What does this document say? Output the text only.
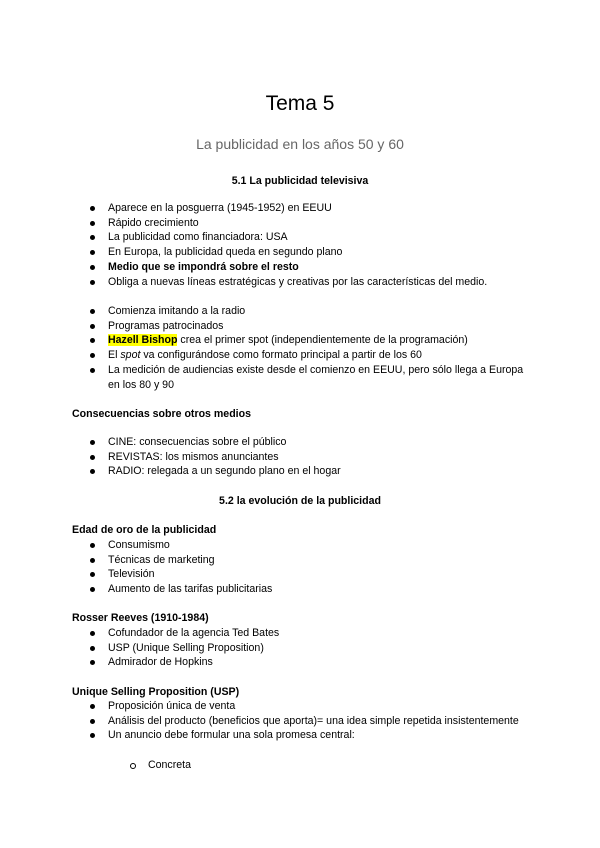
Tema 5
La publicidad en los años 50 y 60
5.1 La publicidad televisiva
Aparece en la posguerra (1945-1952) en EEUU
Rápido crecimiento
La publicidad como financiadora: USA
En Europa, la publicidad queda en segundo plano
Medio que se impondrá sobre el resto
Obliga a nuevas líneas estratégicas y creativas por las características del medio.
Comienza imitando a la radio
Programas patrocinados
Hazell Bishop crea el primer spot (independientemente de la programación)
El spot va configurándose como formato principal a partir de los 60
La medición de audiencias existe desde el comienzo en EEUU, pero sólo llega a Europa en los 80 y 90
Consecuencias sobre otros medios
CINE: consecuencias sobre el público
REVISTAS: los mismos anunciantes
RADIO: relegada a un segundo plano en el hogar
5.2 la evolución de la publicidad
Edad de oro de la publicidad
Consumismo
Técnicas de marketing
Televisión
Aumento de las tarifas publicitarias
Rosser Reeves (1910-1984)
Cofundador de la agencia Ted Bates
USP (Unique Selling Proposition)
Admirador de Hopkins
Unique Selling Proposition (USP)
Proposición única de venta
Análisis del producto (beneficios que aporta)= una idea simple repetida insistentemente
Un anuncio debe formular una sola promesa central:
Concreta
